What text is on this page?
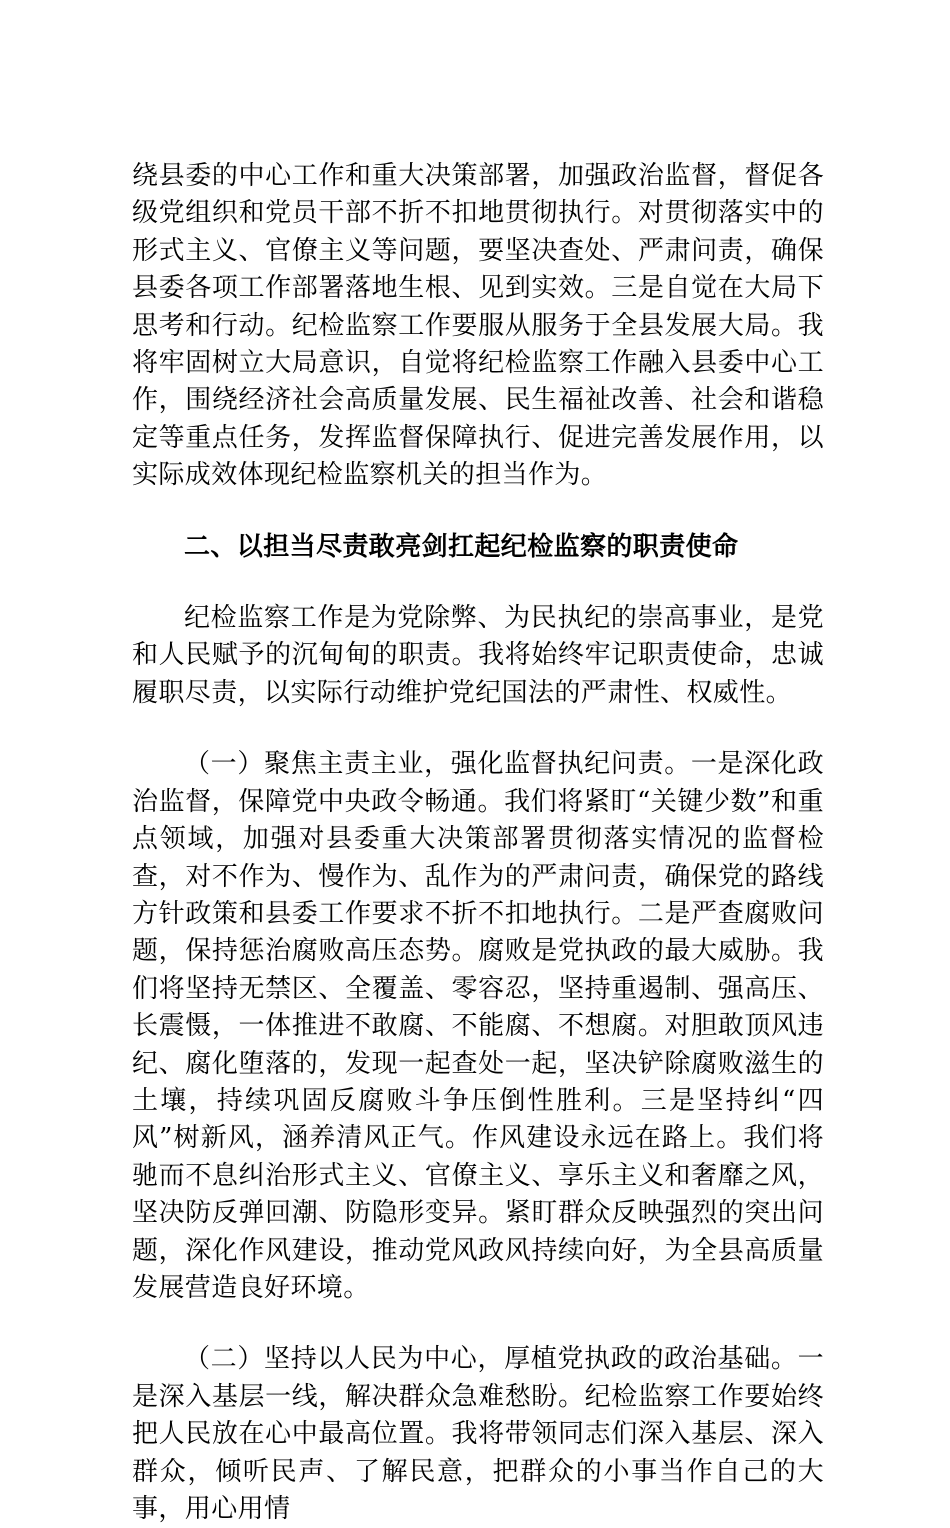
绕县委的中心工作和重大决策部署，加强政治监督，督促各级党组织和党员干部不折不扣地贯彻执行。对贯彻落实中的形式主义、官僚主义等问题，要坚决查处、严肃问责，确保县委各项工作部署落地生根、见到实效。三是自觉在大局下思考和行动。纪检监察工作要服从服务于全县发展大局。我将牢固树立大局意识，自觉将纪检监察工作融入县委中心工作，围绕经济社会高质量发展、民生福祉改善、社会和谐稳定等重点任务，发挥监督保障执行、促进完善发展作用，以实际成效体现纪检监察机关的担当作为。

二、以担当尽责敢亮剑扛起纪检监察的职责使命

纪检监察工作是为党除弊、为民执纪的崇高事业，是党和人民赋予的沉甸甸的职责。我将始终牢记职责使命，忠诚履职尽责，以实际行动维护党纪国法的严肃性、权威性。

（一）聚焦主责主业，强化监督执纪问责。一是深化政治监督，保障党中央政令畅通。我们将紧盯“关键少数”和重点领域，加强对县委重大决策部署贯彻落实情况的监督检查，对不作为、慢作为、乱作为的严肃问责，确保党的路线方针政策和县委工作要求不折不扣地执行。二是严查腐败问题，保持惩治腐败高压态势。腐败是党执政的最大威胁。我们将坚持无禁区、全覆盖、零容忍，坚持重遏制、强高压、长震慑，一体推进不敢腐、不能腐、不想腐。对胆敢顶风违纪、腐化堕落的，发现一起查处一起，坚决铲除腐败滋生的土壤，持续巩固反腐败斗争压倒性胜利。三是坚持纠“四风”树新风，涵养清风正气。作风建设永远在路上。我们将驰而不息纠治形式主义、官僚主义、享乐主义和奢靡之风，坚决防反弹回潮、防隐形变异。紧盯群众反映强烈的突出问题，深化作风建设，推动党风政风持续向好，为全县高质量发展营造良好环境。

（二）坚持以人民为中心，厚植党执政的政治基础。一是深入基层一线，解决群众急难愁盼。纪检监察工作要始终把人民放在心中最高位置。我将带领同志们深入基层、深入群众，倾听民声、了解民意，把群众的小事当作自己的大事，用心用情
